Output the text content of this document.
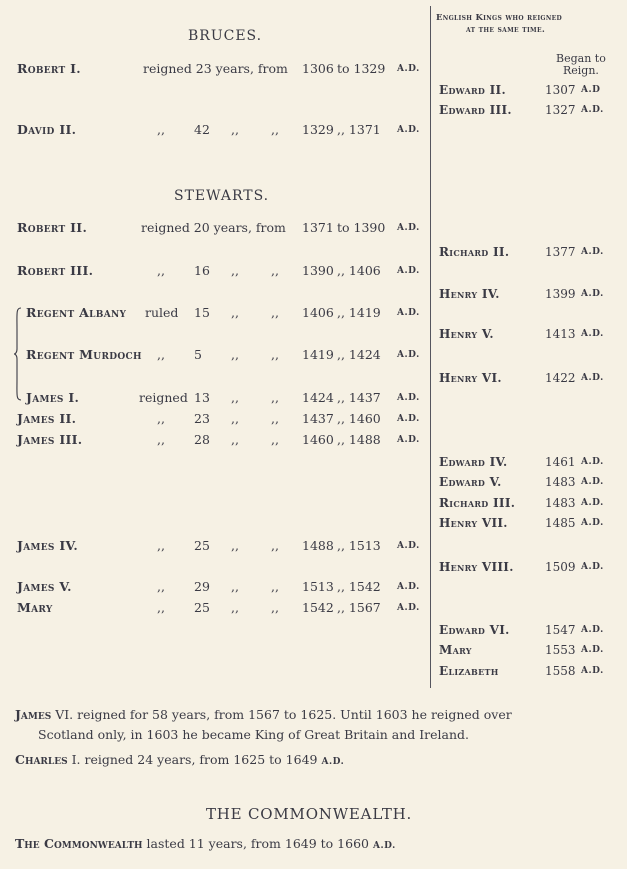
BRUCES.
STEWARTS.
THE COMMONWEALTH.
English Kings who reigned
at the same time.
Began to
Reign.
Robert I.	reigned 23 years, from 1306 to 1329 A.D.
David II.	,, 42 ,,	,, 1329 ,, 1371 A.D.
Robert II.	reigned 20 years, from 1371 to 1390 A.D.
Robert III.	,, 16 ,,	,, 1390 ,, 1406 A.D.
Regent Albany ruled 15 ,,	,, 1406 ,, 1419 A.D.
Regent Murdoch ,, 5 ,,	,, 1419 ,, 1424 A.D.
James I.	reigned 13 ,,	,, 1424 ,, 1437 A.D.
James II.	,, 23 ,,	,, 1437 ,, 1460 A.D.
James III.	,, 28 ,,	,, 1460 ,, 1488 A.D.
James IV.	,, 25 ,,	,, 1488 ,, 1513 A.D.
James V.	,, 29 ,,	,, 1513 ,, 1542 A.D.
Mary	,, 25 ,,	,, 1542 ,, 1567 A.D.
Edward II.	1307 A.D
Edward III.	1327 A.D.
Richard II.	1377 A.D.
Henry IV.	1399 A.D.
Henry V.	1413 A.D.
Henry VI.	1422 A.D.
Edward IV.	1461 A.D.
Edward V.	1483 A.D.
Richard III. 1483 A.D.
Henry VII.	1485 A.D.
Henry VIII.	1509 A.D.
Edward VI.	1547 A.D.
Mary	1553 A.D.
Elizabeth	1558 A.D.
James VI. reigned for 58 years, from 1567 to 1625. Until 1603 he reigned over
Scotland only, in 1603 he became King of Great Britain and Ireland.
Charles I. reigned 24 years, from 1625 to 1649 A.D.
The Commonwealth lasted 11 years, from 1649 to 1660 A.D.
